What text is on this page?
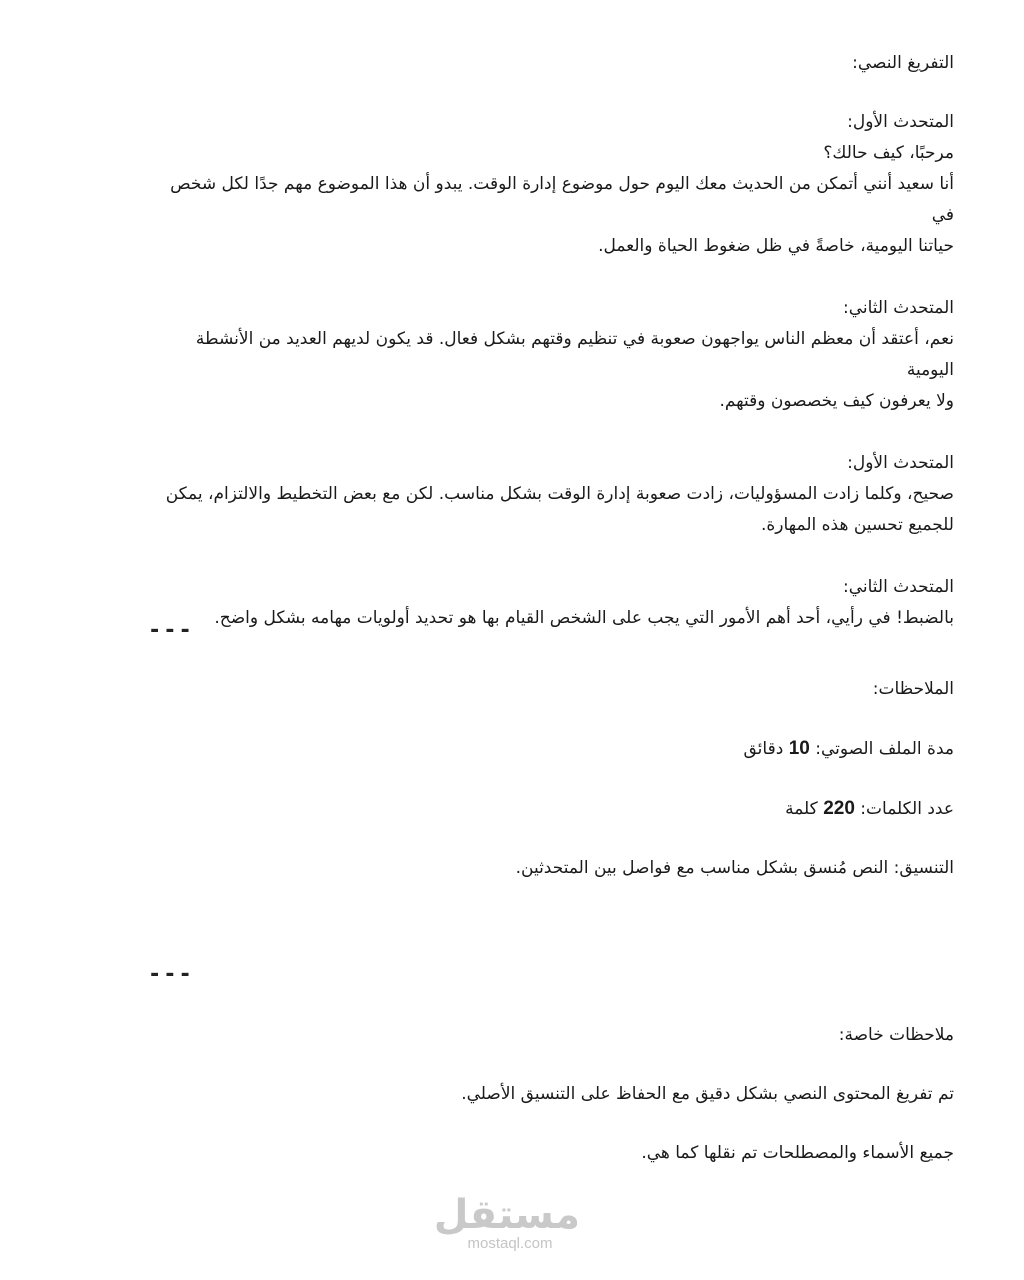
التفريغ النصي:

المتحدث الأول:

مرحبًا، كيف حالك؟

أنا سعيد أنني أتمكن من الحديث معك اليوم حول موضوع إدارة الوقت. يبدو أن هذا الموضوع مهم جدًا لكل شخص في

حياتنا اليومية، خاصةً في ظل ضغوط الحياة والعمل.

المتحدث الثاني:

نعم، أعتقد أن معظم الناس يواجهون صعوبة في تنظيم وقتهم بشكل فعال. قد يكون لديهم العديد من الأنشطة اليومية

ولا يعرفون كيف يخصصون وقتهم.

المتحدث الأول:

صحيح، وكلما زادت المسؤوليات، زادت صعوبة إدارة الوقت بشكل مناسب. لكن مع بعض التخطيط والالتزام، يمكن

للجميع تحسين هذه المهارة.

المتحدث الثاني:

بالضبط! في رأيي، أحد أهم الأمور التي يجب على الشخص القيام بها هو تحديد أولويات مهامه بشكل واضح.

---

الملاحظات:

مدة الملف الصوتي: 10 دقائق

عدد الكلمات: 220 كلمة

التنسيق: النص مُنسق بشكل مناسب مع فواصل بين المتحدثين.

---

ملاحظات خاصة:

تم تفريغ المحتوى النصي بشكل دقيق مع الحفاظ على التنسيق الأصلي.

جميع الأسماء والمصطلحات تم نقلها كما هي.

مستقل
mostaql.com
